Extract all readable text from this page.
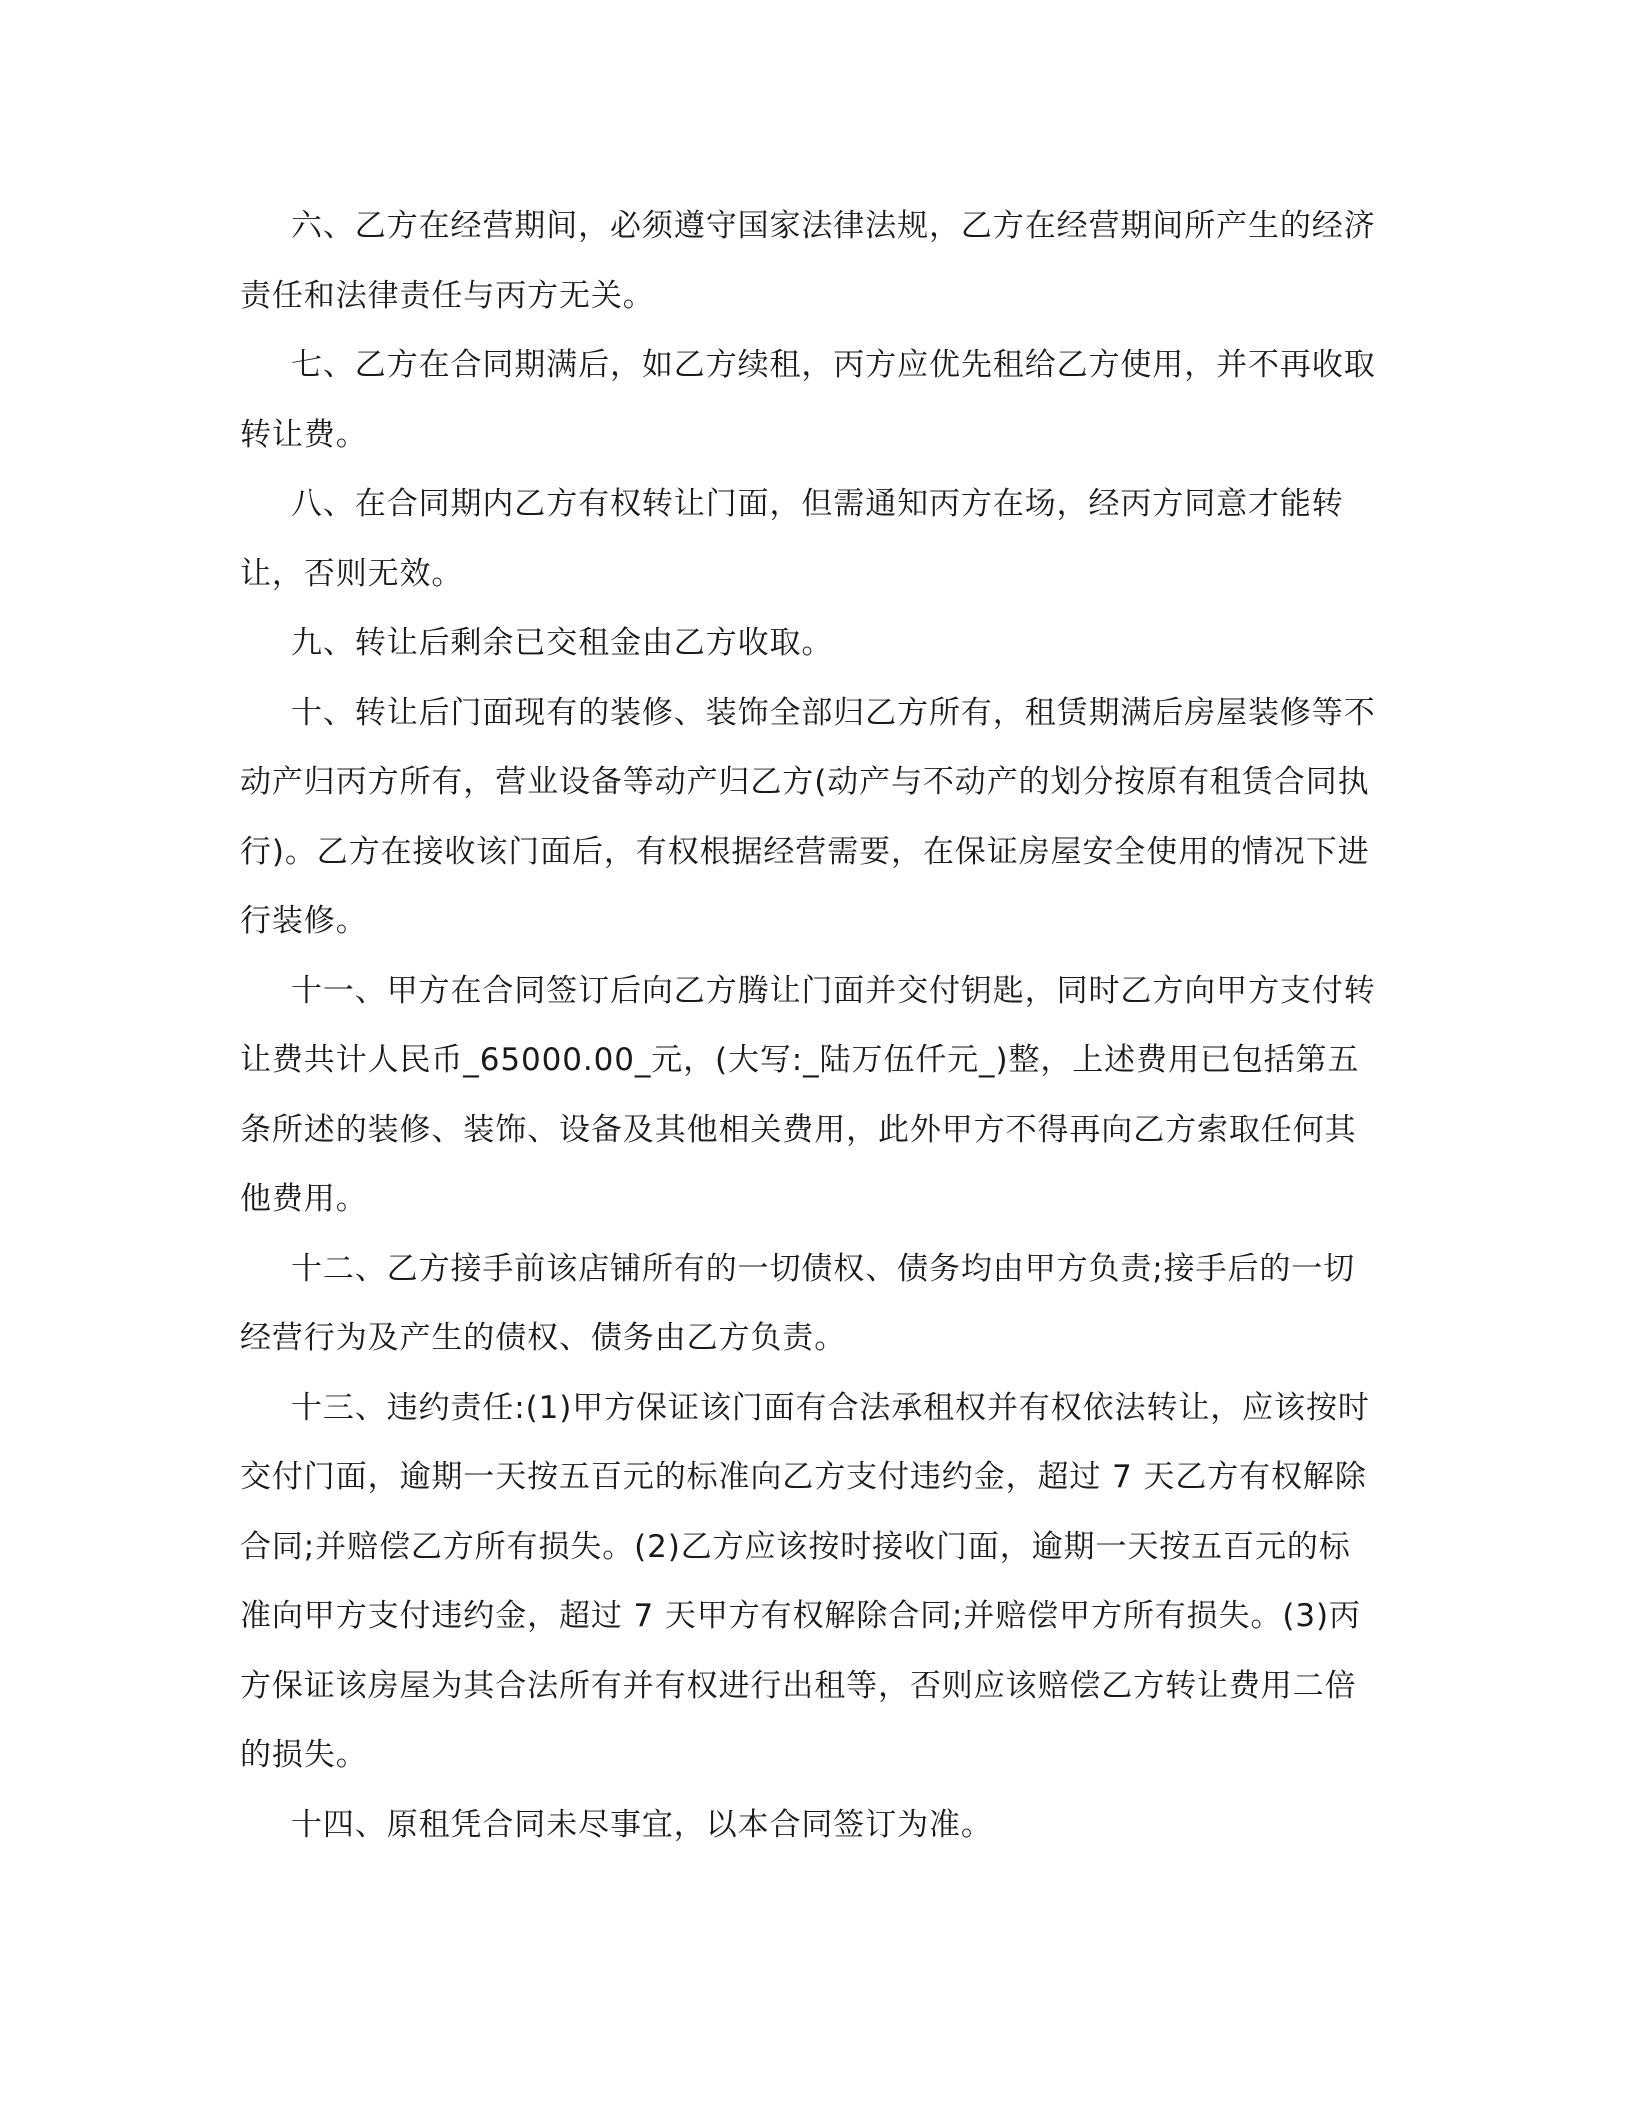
六、乙方在经营期间，必须遵守国家法律法规，乙方在经营期间所产生的经济责任和法律责任与丙方无关。

七、乙方在合同期满后，如乙方续租，丙方应优先租给乙方使用，并不再收取转让费。

八、在合同期内乙方有权转让门面，但需通知丙方在场，经丙方同意才能转让，否则无效。

九、转让后剩余已交租金由乙方收取。

十、转让后门面现有的装修、装饰全部归乙方所有，租赁期满后房屋装修等不动产归丙方所有，营业设备等动产归乙方(动产与不动产的划分按原有租赁合同执行)。乙方在接收该门面后，有权根据经营需要，在保证房屋安全使用的情况下进行装修。

十一、甲方在合同签订后向乙方腾让门面并交付钥匙，同时乙方向甲方支付转让费共计人民币_65000.00_元，(大写:_陆万伍仟元_)整，上述费用已包括第五条所述的装修、装饰、设备及其他相关费用，此外甲方不得再向乙方索取任何其他费用。

十二、乙方接手前该店铺所有的一切债权、债务均由甲方负责;接手后的一切经营行为及产生的债权、债务由乙方负责。

十三、违约责任:(1)甲方保证该门面有合法承租权并有权依法转让，应该按时交付门面，逾期一天按五百元的标准向乙方支付违约金，超过 7 天乙方有权解除合同;并赔偿乙方所有损失。(2)乙方应该按时接收门面，逾期一天按五百元的标准向甲方支付违约金，超过 7 天甲方有权解除合同;并赔偿甲方所有损失。(3)丙方保证该房屋为其合法所有并有权进行出租等，否则应该赔偿乙方转让费用二倍的损失。

十四、原租凭合同未尽事宜，以本合同签订为准。
